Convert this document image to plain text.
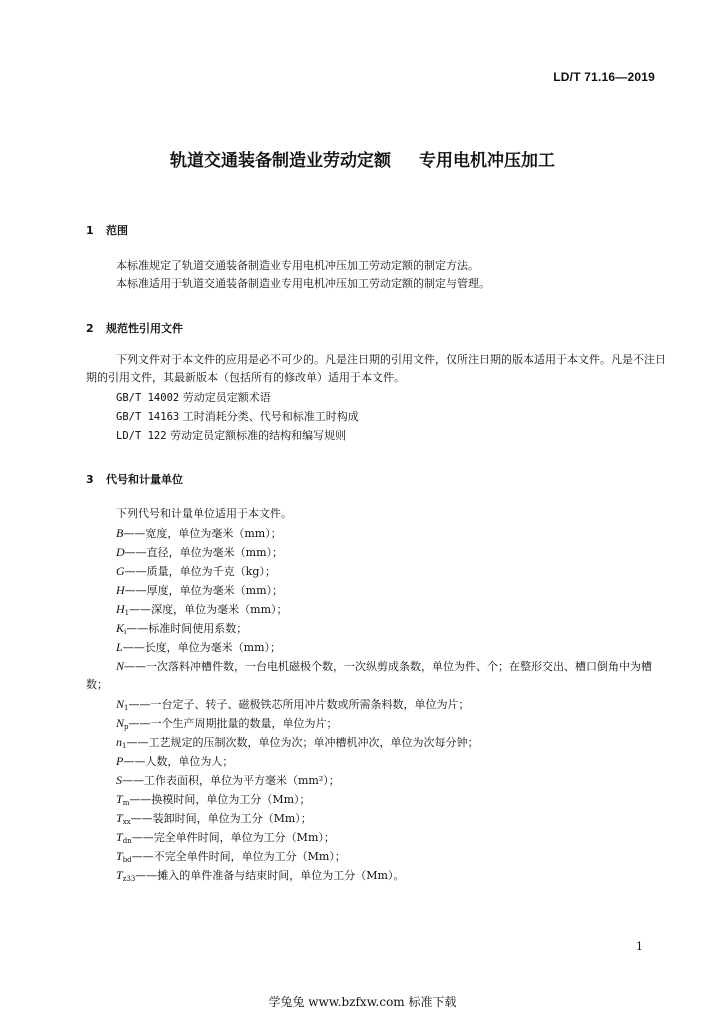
LD/T 71.16—2019
轨道交通装备制造业劳动定额 专用电机冲压加工
1 范围
本标准规定了轨道交通装备制造业专用电机冲压加工劳动定额的制定方法。
本标准适用于轨道交通装备制造业专用电机冲压加工劳动定额的制定与管理。
2 规范性引用文件
下列文件对于本文件的应用是必不可少的。凡是注日期的引用文件，仅所注日期的版本适用于本文件。凡是不注日期的引用文件，其最新版本（包括所有的修改单）适用于本文件。
GB/T 14002 劳动定员定额术语
GB/T 14163 工时消耗分类、代号和标准工时构成
LD/T 122 劳动定员定额标准的结构和编写规则
3 代号和计量单位
下列代号和计量单位适用于本文件。
B——宽度，单位为毫米（mm）；
D——直径，单位为毫米（mm）；
G——质量，单位为千克（kg）；
H——厚度，单位为毫米（mm）；
$H_1——$深度，单位为毫米（mm）；
$K_i——$标准时间使用系数；
L——长度，单位为毫米（mm）；
N——一次落料冲槽件数，一台电机磁极个数，一次纵剪成条数，单位为件、个；在整形交出、槽口倒角中为槽数；
$N_1——$一台定子、转子、磁极铁芯所用冲片数或所需条料数，单位为片；
$N_p——$一个生产周期批量的数量，单位为片；
$n_1——$工艺规定的压制次数，单位为次；单冲槽机冲次，单位为次每分钟；
P——人数，单位为人；
S——工作表面积，单位为平方毫米（mm²）；
$T_m——$换模时间，单位为工分（Mm）；
$T_{xx}——$装卸时间，单位为工分（Mm）；
$T_{dn}——$完全单件时间，单位为工分（Mm）；
$T_{bd}——$不完全单件时间，单位为工分（Mm）；
$T_{z33}——$摊入的单件准备与结束时间，单位为工分（Mm）。
1
学兔兔 www.bzfxw.com 标准下载
